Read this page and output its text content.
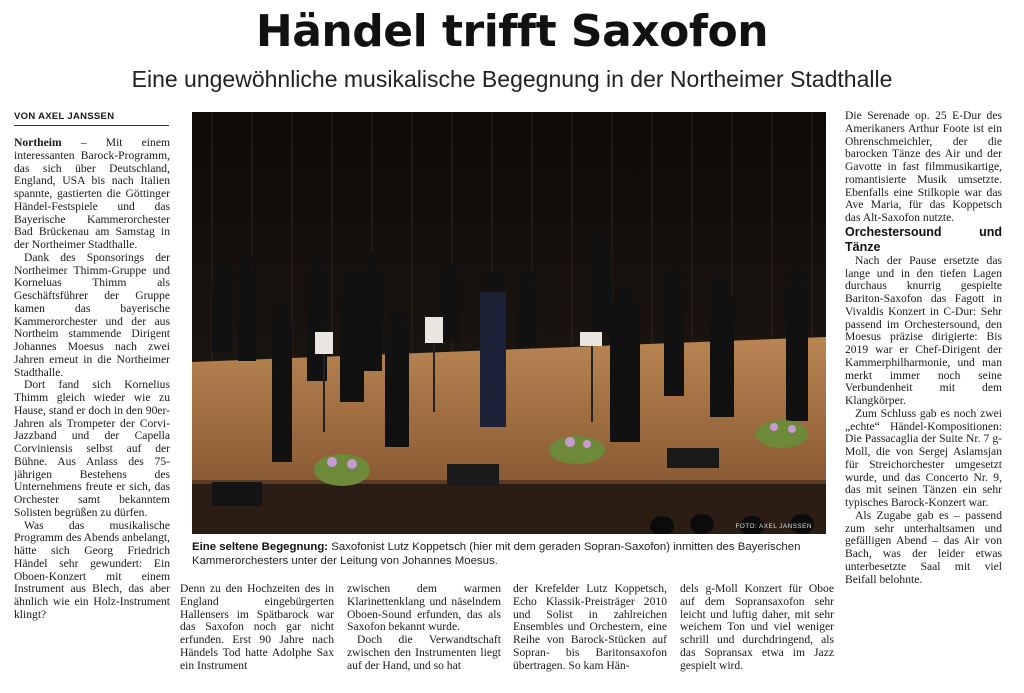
Händel trifft Saxofon
Eine ungewöhnliche musikalische Begegnung in der Northeimer Stadthalle
VON AXEL JANSSEN

Northeim – Mit einem interessanten Barock-Programm, das sich über Deutschland, England, USA bis nach Italien spannte, gastierten die Göttinger Händel-Festspiele und das Bayerische Kammerorchester Bad Brückenau am Samstag in der Northeimer Stadthalle.

Dank des Sponsorings der Northeimer Thimm-Gruppe und Korneluas Thimm als Geschäftsführer der Gruppe kamen das bayerische Kammerorchester und der aus Northeim stammende Dirigent Johannes Moesus nach zwei Jahren erneut in die Northeimer Stadthalle.

Dort fand sich Kornelius Thimm gleich wieder wie zu Hause, stand er doch in den 90er-Jahren als Trompeter der Corvi-Jazzband und der Capella Corviniensis selbst auf der Bühne. Aus Anlass des 75-jährigen Bestehens des Unternehmens freute er sich, das Orchester samt bekanntem Solisten begrüßen zu dürfen.

Was das musikalische Programm des Abends anbelangt, hätte sich Georg Friedrich Händel sehr gewundert: Ein Oboen-Konzert mit einem Instrument aus Blech, das aber ähnlich wie ein Holz-Instrument klingt?

FOTO: AXEL JANSSEN
Eine seltene Begegnung: Saxofonist Lutz Koppetsch (hier mit dem geraden Sopran-Saxofon) inmitten des Bayerischen Kammerorchesters unter der Leitung von Johannes Moesus.

Denn zu den Hochzeiten des in England eingebürgerten Hallensers im Spätbarock war das Saxofon noch gar nicht erfunden. Erst 90 Jahre nach Händels Tod hatte Adolphe Sax ein Instrument

zwischen dem warmen Klarinettenklang und näselndem Oboen-Sound erfunden, das als Saxofon bekannt wurde.

Doch die Verwandtschaft zwischen den Instrumenten liegt auf der Hand, und so hat

der Krefelder Lutz Koppetsch, Echo Klassik-Preisträger 2010 und Solist in zahlreichen Ensembles und Orchestern, eine Reihe von Barock-Stücken auf Sopran- bis Baritonsaxofon übertragen. So kam Hän-

dels g-Moll Konzert für Oboe auf dem Sopransaxofon sehr leicht und luftig daher, mit sehr weichem Ton und viel weniger schrill und durchdringend, als das Sopransax etwa im Jazz gespielt wird.

Die Serenade op. 25 E-Dur des Amerikaners Arthur Foote ist ein Ohrenschmeichler, der die barocken Tänze des Air und der Gavotte in fast filmmusikartige, romantisierte Musik umsetzte. Ebenfalls eine Stilkopie war das Ave Maria, für das Koppetsch das Alt-Saxofon nutzte.

Orchestersound und Tänze

Nach der Pause ersetzte das lange und in den tiefen Lagen durchaus knurrig gespielte Bariton-Saxofon das Fagott in Vivaldis Konzert in C-Dur: Sehr passend im Orchestersound, den Moesus präzise dirigierte: Bis 2019 war er Chef-Dirigent der Kammerphilharmonie, und man merkt immer noch seine Verbundenheit mit dem Klangkörper.

Zum Schluss gab es noch zwei „echte“ Händel-Kompositionen: Die Passacaglia der Suite Nr. 7 g-Moll, die von Sergej Aslamsjan für Streichorchester umgesetzt wurde, und das Concerto Nr. 9, das mit seinen Tänzen ein sehr typisches Barock-Konzert war.

Als Zugabe gab es – passend zum sehr unterhaltsamen und gefälligen Abend – das Air von Bach, was der leider etwas unterbesetzte Saal mit viel Beifall belohnte.
